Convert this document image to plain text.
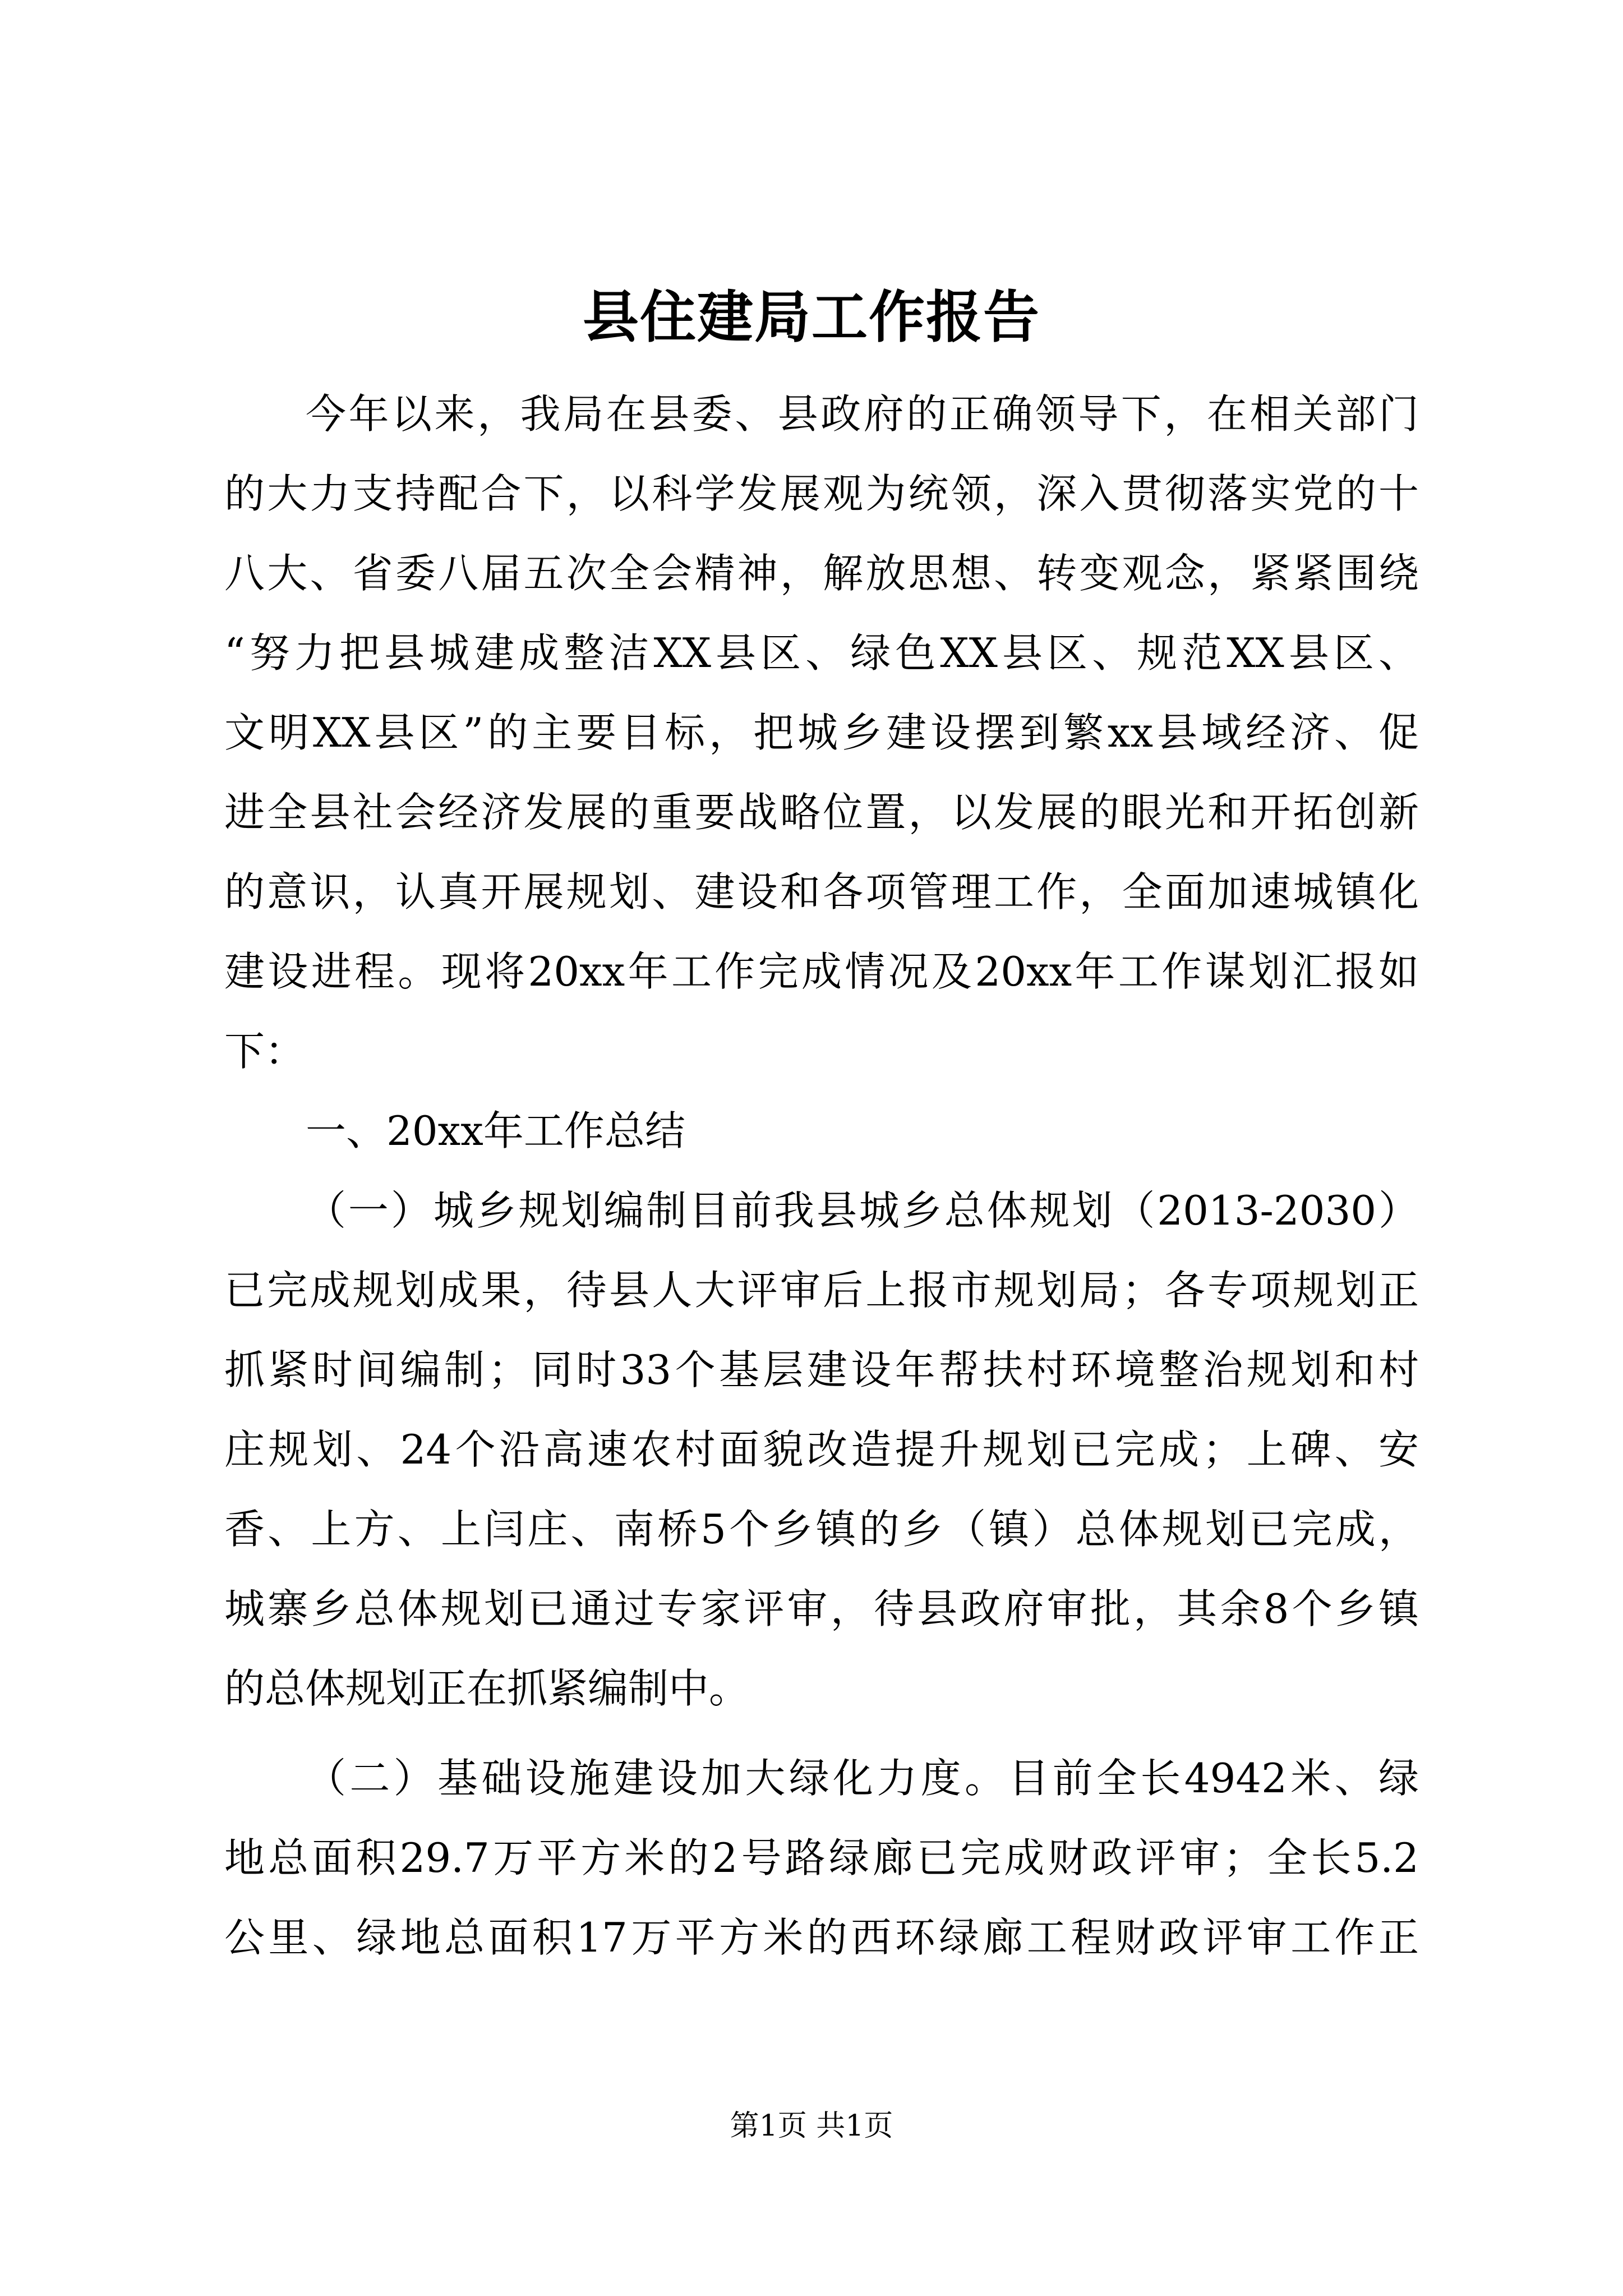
县住建局工作报告
今年以来，我局在县委、县政府的正确领导下，在相关部门
的大力支持配合下，以科学发展观为统领，深入贯彻落实党的十
八大、省委八届五次全会精神，解放思想、转变观念，紧紧围绕
“努力把县城建成整洁XX县区、绿色XX县区、规范XX县区、
文明XX县区”的主要目标，把城乡建设摆到繁xx县域经济、促
进全县社会经济发展的重要战略位置，以发展的眼光和开拓创新
的意识，认真开展规划、建设和各项管理工作，全面加速城镇化
建设进程。现将20xx年工作完成情况及20xx年工作谋划汇报如
下：
一、20xx年工作总结
（一）城乡规划编制目前我县城乡总体规划（2013-2030）
已完成规划成果，待县人大评审后上报市规划局；各专项规划正
抓紧时间编制；同时33个基层建设年帮扶村环境整治规划和村
庄规划、24个沿高速农村面貌改造提升规划已完成；上碑、安
香、上方、上闫庄、南桥5个乡镇的乡（镇）总体规划已完成，
城寨乡总体规划已通过专家评审，待县政府审批，其余8个乡镇
的总体规划正在抓紧编制中。
（二）基础设施建设加大绿化力度。目前全长4942米、绿
地总面积29.7万平方米的2号路绿廊已完成财政评审；全长5.2
公里、绿地总面积17万平方米的西环绿廊工程财政评审工作正
第1页 共1页
